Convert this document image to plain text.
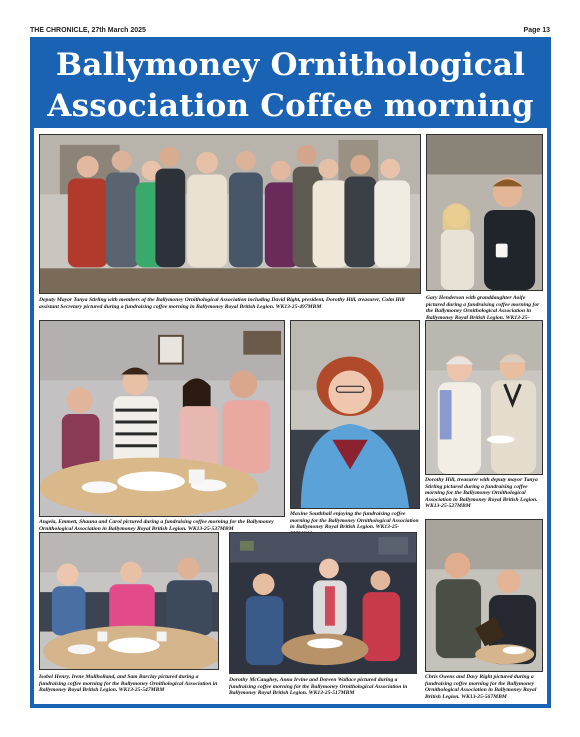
THE CHRONICLE, 27th March 2025	Page 13
Ballymoney Ornithological
Association Coffee morning
Deputy Mayor Tanya Stirling with members of the Ballymoney Ornithological Association including David Right, president, Dorothy Hill, treasurer, Colm Hill assistant Secretary pictured during a fundraising coffee morning in Ballymoney Royal British Legion. WK13-25-497MBM
Gary Henderson with granddaughter Aoife pictured during a fundraising coffee morning for the Ballymoney Ornithological Association in Ballymoney Royal British Legion. WK13-25-
Angela, Emmett, Shauna and Carol pictured during a fundraising coffee morning for the Ballymoney Ornithological Association in Ballymoney Royal British Legion. WK13-25-537MBM
Maxine Southhall enjoying the fundraising coffee morning for the Ballymoney Ornithological Association in Ballymoney Royal British Legion. WK13-25-
Dorothy Hill, treasurer with deputy mayor Tanya Stirling pictured during a fundraising coffee morning for the Ballymoney Ornithological Association in Ballymoney Royal British Legion. WK13-25-527MBM
Isobel Henry, Irene Mullholland, and Sam Barclay pictured during a fundraising coffee morning for the Ballymoney Ornithological Association in Ballymoney Royal British Legion. WK13-25-547MBM
Dorothy McCaughey, Anna Irvine and Doreen Wallace pictured during a fundraising coffee morning for the Ballymoney Ornithological Association in Ballymoney Royal British Legion. WK13-25-517MBM
Chris Owens and Davy Right pictured during a fundraising coffee morning for the Ballymoney Ornithological Association in Ballymoney Royal British Legion. WK13-25-567MBM
